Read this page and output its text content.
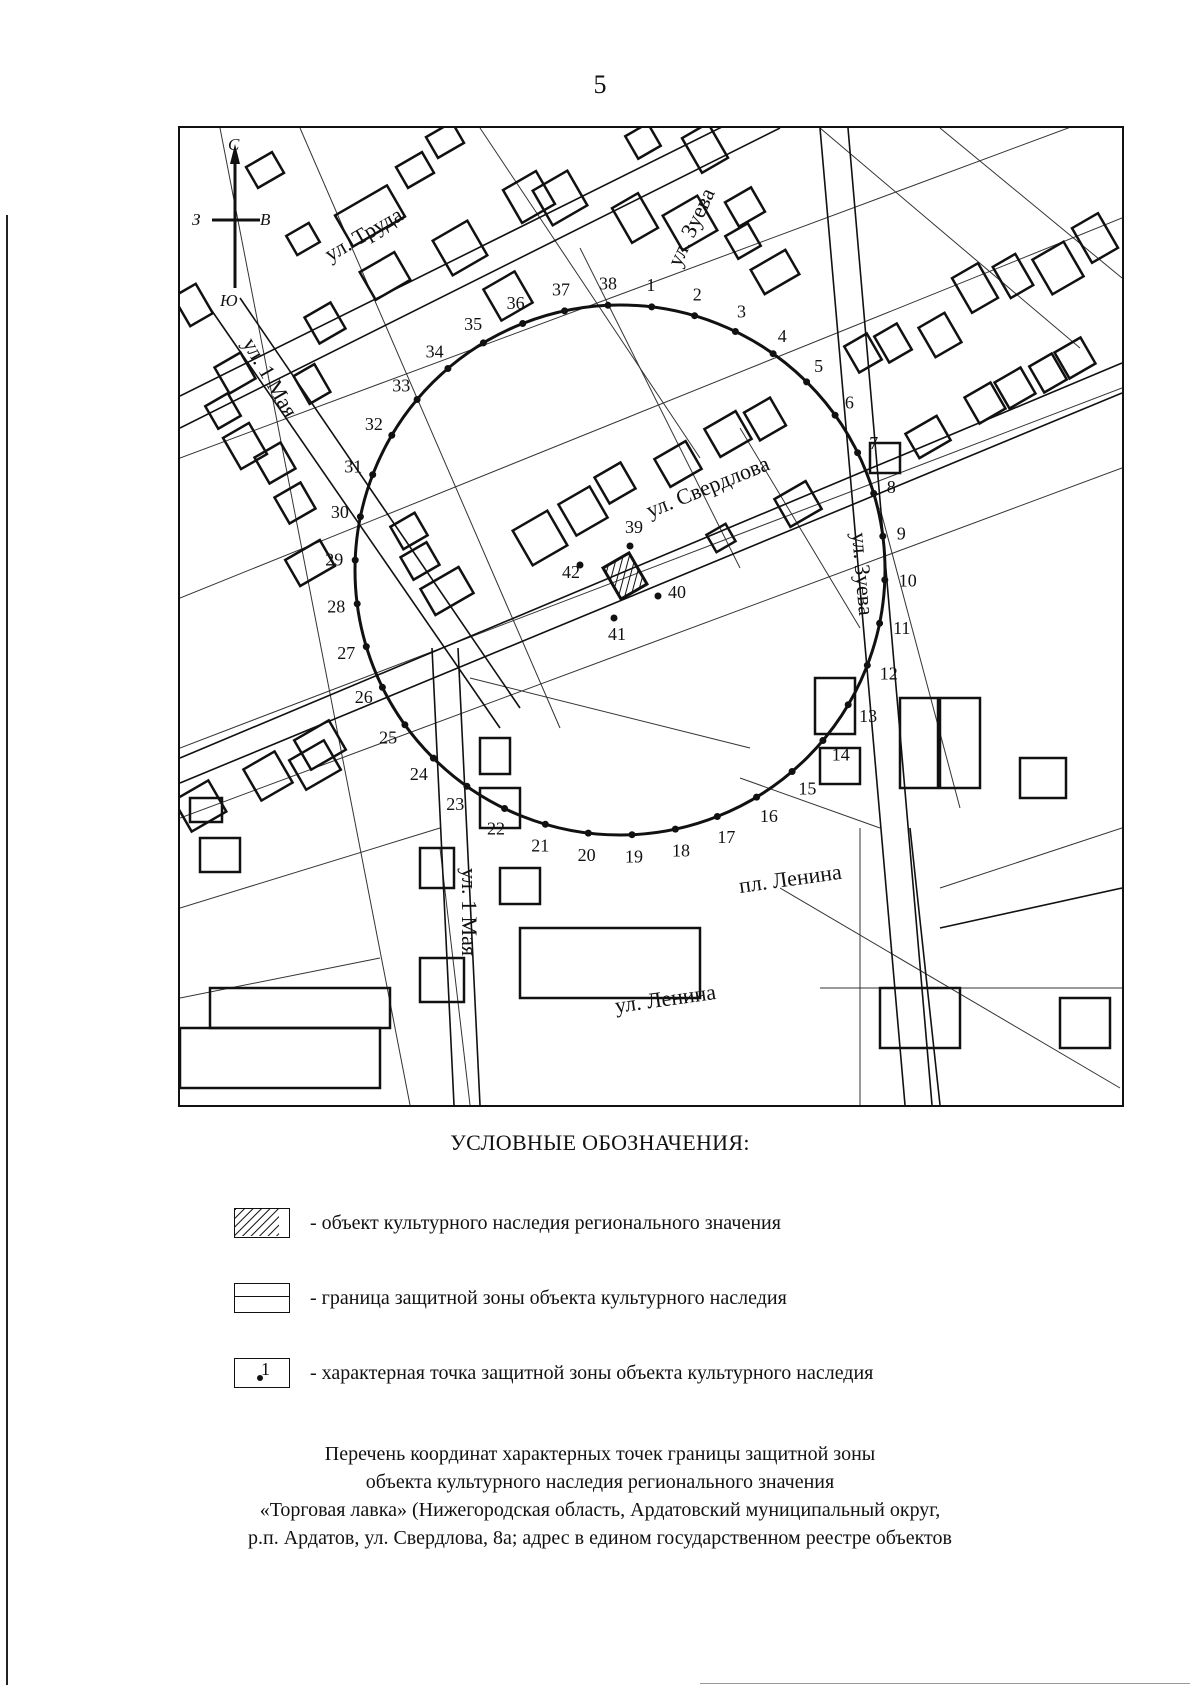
5
ул. Труда	ул. Зуева
ул. 1 Мая
ул. Свердлова
ул. Зуева
ул. 1 Мая	пл. Ленина
ул. Ленина
1 2
3
4
5
6
7
8
9
10
11
12
13
14
15
16
17
18
19
20
21
22
23
24
25
26
27
28
29
30
31
32
33
34
35
36
37 38
39
40
41
42
С
Ю
З	В
УСЛОВНЫЕ ОБОЗНАЧЕНИЯ:
- объект культурного наследия регионального значения
- граница защитной зоны объекта культурного наследия
1 - характерная точка защитной зоны объекта культурного наследия
Перечень координат характерных точек границы защитной зоны
объекта культурного наследия регионального значения
«Торговая лавка» (Нижегородская область, Ардатовский муниципальный округ,
р.п. Ардатов, ул. Свердлова, 8а; адрес в едином государственном реестре объектов
